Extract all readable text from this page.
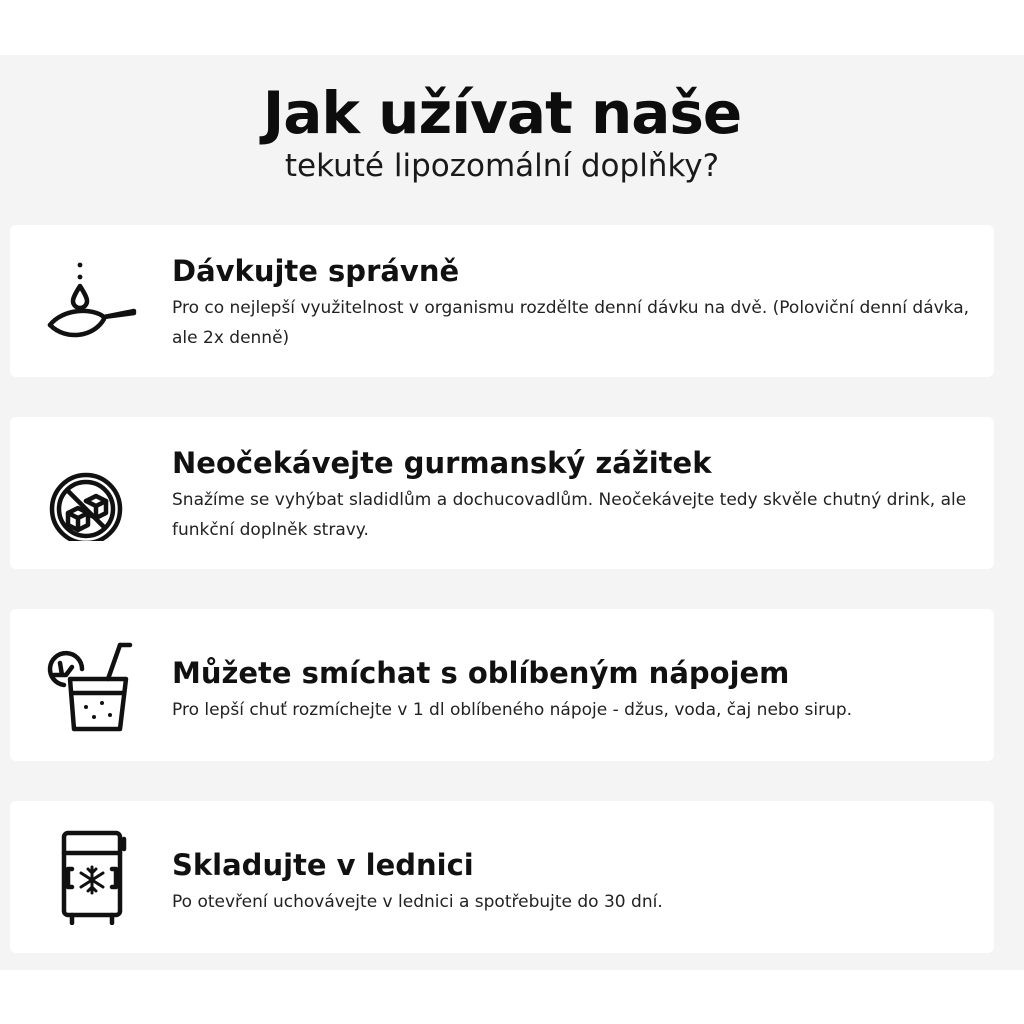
Jak užívat naše

tekuté lipozomální doplňky?

Dávkujte správně

Pro co nejlepší využitelnost v organismu rozdělte denní dávku na dvě. (Poloviční denní dávka, ale 2x denně)

Neočekávejte gurmanský zážitek

Snažíme se vyhýbat sladidlům a dochucovadlům. Neočekávejte tedy skvěle chutný drink, ale funkční doplněk stravy.

Můžete smíchat s oblíbeným nápojem

Pro lepší chuť rozmíchejte v 1 dl oblíbeného nápoje - džus, voda, čaj nebo sirup.

Skladujte v lednici

Po otevření uchovávejte v lednici a spotřebujte do 30 dní.
